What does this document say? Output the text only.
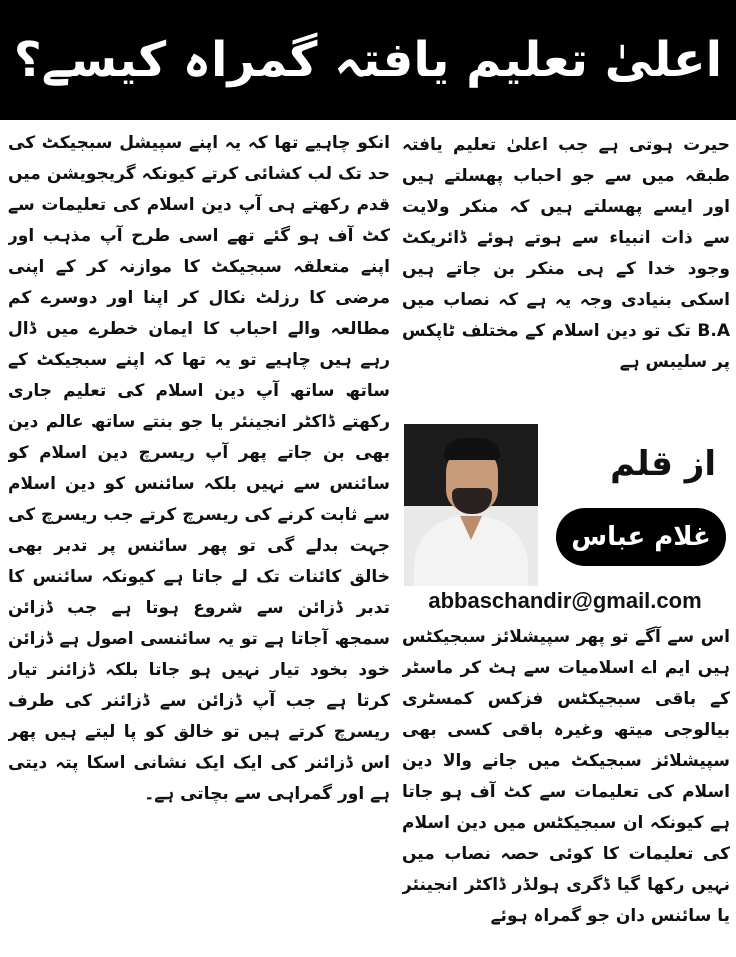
اعلیٰ تعلیم یافتہ گمراہ کیسے؟

حیرت ہوتی ہے جب اعلیٰ تعلیم یافتہ طبقہ میں سے جو احباب پھسلتے ہیں اور ایسے پھسلتے ہیں کہ منکر ولایت سے ذات انبیاء سے ہوتے ہوئے ڈائریکٹ وجود خدا کے ہی منکر بن جاتے ہیں اسکی بنیادی وجہ یہ ہے کہ نصاب میں B.A تک تو دین اسلام کے مختلف ٹاپکس پر سلیبس ہے

از قلم
غلام عباس
abbaschandir@gmail.com

اس سے آگے تو پھر سپیشلائز سبجیکٹس ہیں ایم اے اسلامیات سے ہٹ کر ماسٹر کے باقی سبجیکٹس فزکس کمسٹری بیالوجی میتھ وغیرہ باقی کسی بھی سپیشلائز سبجیکٹ میں جانے والا دین اسلام کی تعلیمات سے کٹ آف ہو جاتا ہے کیونکہ ان سبجیکٹس میں دین اسلام کی تعلیمات کا کوئی حصہ نصاب میں نہیں رکھا گیا ڈگری ہولڈر ڈاکٹر انجینئر یا سائنس دان جو گمراہ ہوئے

انکو چاہیے تھا کہ یہ اپنے سپیشل سبجیکٹ کی حد تک لب کشائی کرتے کیونکہ گریجویشن میں قدم رکھتے ہی آپ دین اسلام کی تعلیمات سے کٹ آف ہو گئے تھے اسی طرح آپ مذہب اور اپنے متعلقہ سبجیکٹ کا موازنہ کر کے اپنی مرضی کا رزلٹ نکال کر اپنا اور دوسرے کم مطالعہ والے احباب کا ایمان خطرے میں ڈال رہے ہیں چاہیے تو یہ تھا کہ اپنے سبجیکٹ کے ساتھ ساتھ آپ دین اسلام کی تعلیم جاری رکھتے ڈاکٹر انجینئر یا جو بنتے ساتھ عالم دین بھی بن جاتے پھر آپ ریسرچ دین اسلام کو سائنس سے نہیں بلکہ سائنس کو دین اسلام سے ثابت کرنے کی ریسرچ کرتے جب ریسرچ کی جہت بدلے گی تو پھر سائنس پر تدبر بھی خالق کائنات تک لے جاتا ہے کیونکہ سائنس کا تدبر ڈزائن سے شروع ہوتا ہے جب ڈزائن سمجھ آجاتا ہے تو یہ سائنسی اصول ہے ڈزائن خود بخود تیار نہیں ہو جاتا بلکہ ڈزائنر تیار کرتا ہے جب آپ ڈزائن سے ڈزائنر کی طرف ریسرچ کرتے ہیں تو خالق کو پا لیتے ہیں پھر اس ڈزائنر کی ایک ایک نشانی اسکا پتہ دیتی ہے اور گمراہی سے بچاتی ہے۔
